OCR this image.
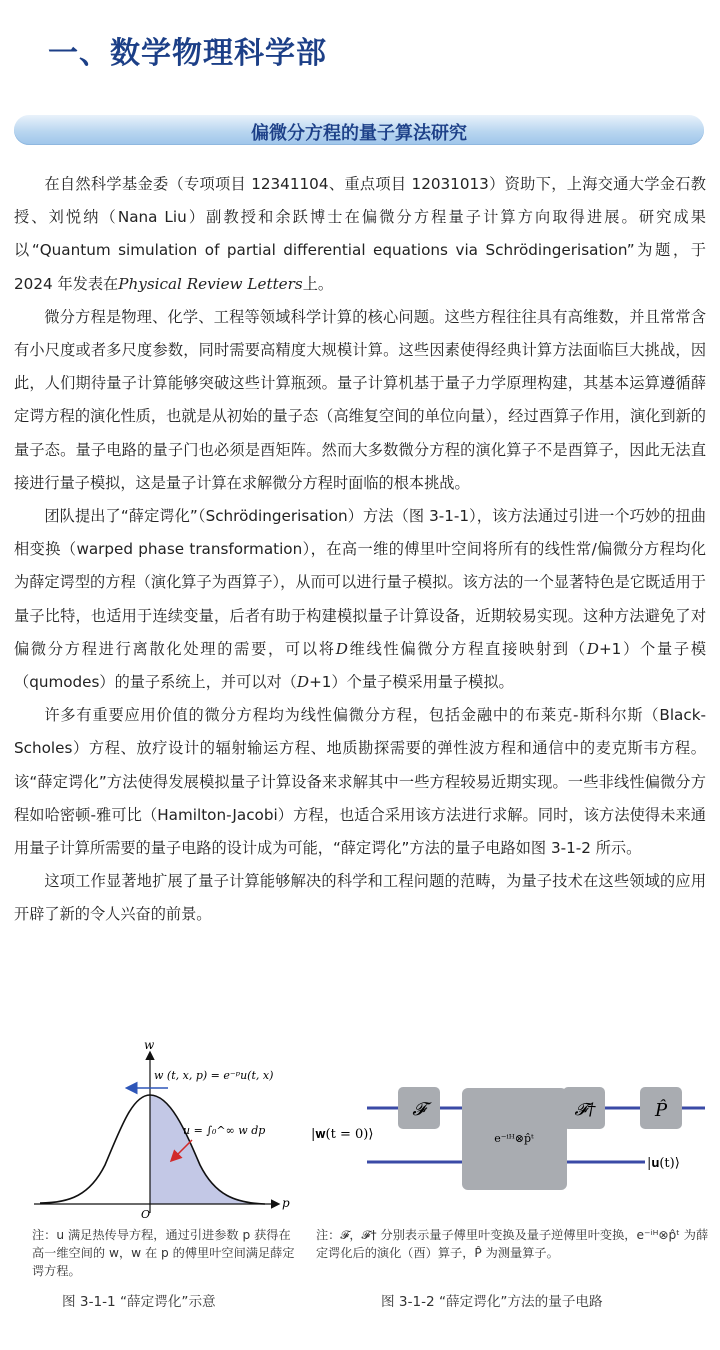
一、数学物理科学部
偏微分方程的量子算法研究

在自然科学基金委（专项项目 12341104、重点项目 12031013）资助下，上海交通大学金石教授、刘悦纳（Nana Liu）副教授和余跃博士在偏微分方程量子计算方向取得进展。研究成果以“Quantum simulation of partial differential equations via Schrödingerisation”为题，于 2024 年发表在Physical Review Letters上。

微分方程是物理、化学、工程等领域科学计算的核心问题。这些方程往往具有高维数，并且常常含有小尺度或者多尺度参数，同时需要高精度大规模计算。这些因素使得经典计算方法面临巨大挑战，因此，人们期待量子计算能够突破这些计算瓶颈。量子计算机基于量子力学原理构建，其基本运算遵循薛定谔方程的演化性质，也就是从初始的量子态（高维复空间的单位向量），经过酉算子作用，演化到新的量子态。量子电路的量子门也必须是酉矩阵。然而大多数微分方程的演化算子不是酉算子，因此无法直接进行量子模拟，这是量子计算在求解微分方程时面临的根本挑战。

团队提出了“薛定谔化”（Schrödingerisation）方法（图 3-1-1），该方法通过引进一个巧妙的扭曲相变换（warped phase transformation），在高一维的傅里叶空间将所有的线性常/偏微分方程均化为薛定谔型的方程（演化算子为酉算子），从而可以进行量子模拟。该方法的一个显著特色是它既适用于量子比特，也适用于连续变量，后者有助于构建模拟量子计算设备，近期较易实现。这种方法避免了对偏微分方程进行离散化处理的需要，可以将D维线性偏微分方程直接映射到（D+1）个量子模（qumodes）的量子系统上，并可以对（D+1）个量子模采用量子模拟。

许多有重要应用价值的微分方程均为线性偏微分方程，包括金融中的布莱克-斯科尔斯（Black-Scholes）方程、放疗设计的辐射输运方程、地质勘探需要的弹性波方程和通信中的麦克斯韦方程。该“薛定谔化”方法使得发展模拟量子计算设备来求解其中一些方程较易近期实现。一些非线性偏微分方程如哈密顿-雅可比（Hamilton-Jacobi）方程，也适合采用该方法进行求解。同时，该方法使得未来通用量子计算所需要的量子电路的设计成为可能，“薛定谔化”方法的量子电路如图 3-1-2 所示。

这项工作显著地扩展了量子计算能够解决的科学和工程问题的范畴，为量子技术在这些领域的应用开辟了新的令人兴奋的前景。

w
p
O
w (t, x, p) = e⁻ᵖu(t, x)
u = ∫₀^∞ w dp
𝓕
e⁻ⁱᴴ⊗p̂ᵗ
𝓕†	P̂
|𝐰(t = 0)⟩
|𝐮(t)⟩
注：u 满足热传导方程，通过引进参数 p 获得在高一维空间的 w，w 在 p 的傅里叶空间满足薛定谔方程。
注：𝓕，𝓕† 分别表示量子傅里叶变换及量子逆傅里叶变换，e⁻ⁱᴴ⊗p̂ᵗ 为薛定谔化后的演化（酉）算子，P̂ 为测量算子。
图 3-1-1 “薛定谔化”示意	图 3-1-2 “薛定谔化”方法的量子电路
